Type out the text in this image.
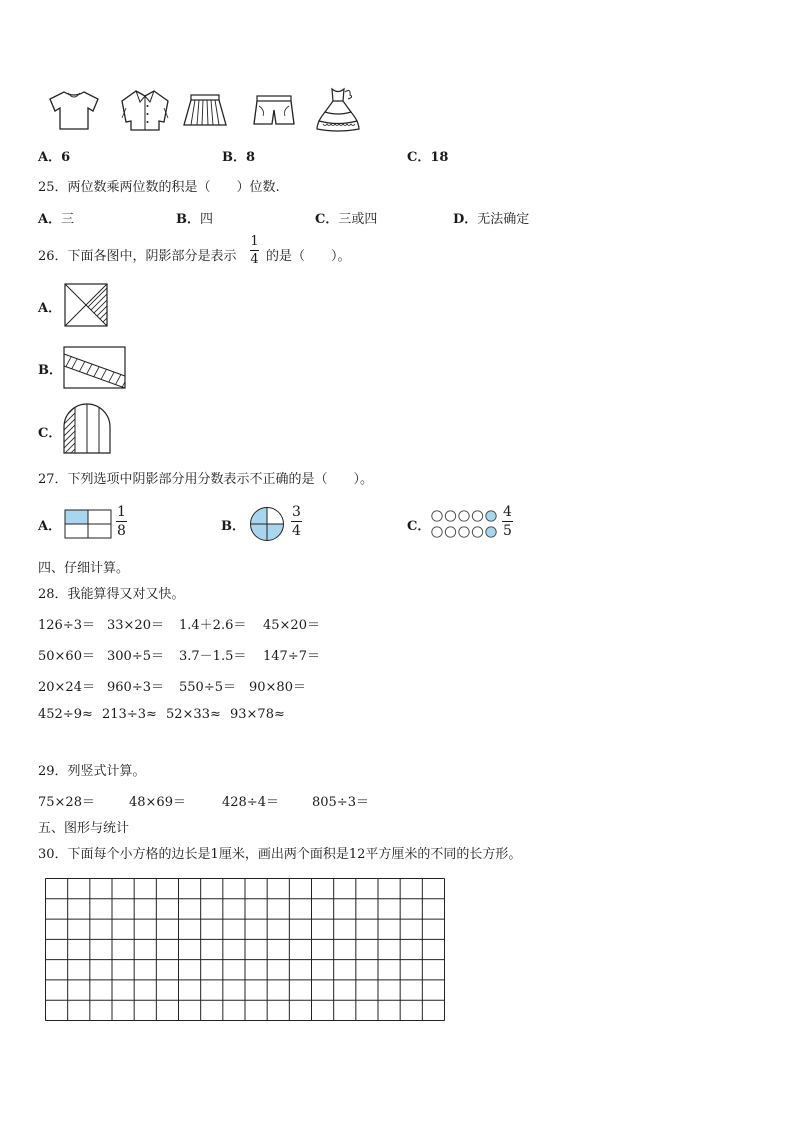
A．6	B．8	C．18
25．两位数乘两位数的积是（　　）位数.
A．三	B．四	C．三或四	D．无法确定
26．下面各图中，阴影部分是表示
1
4 的是（　　）。
A．
B．
C．
27．下列选项中阴影部分用分数表示不正确的是（　　）。
A．
1
8	B．
3
4	C．
4
5
四、仔细计算。
28．我能算得又对又快。
126÷3＝ 33×20＝ 1.4＋2.6＝ 45×20＝
50×60＝ 300÷5＝ 3.7－1.5＝ 147÷7＝
20×24＝ 960÷3＝ 550÷5＝ 90×80＝
452÷9≈ 213÷3≈ 52×33≈ 93×78≈
29．列竖式计算。
75×28＝	48×69＝	428÷4＝	805÷3＝
五、图形与统计
30．下面每个小方格的边长是1厘米，画出两个面积是12平方厘米的不同的长方形。
